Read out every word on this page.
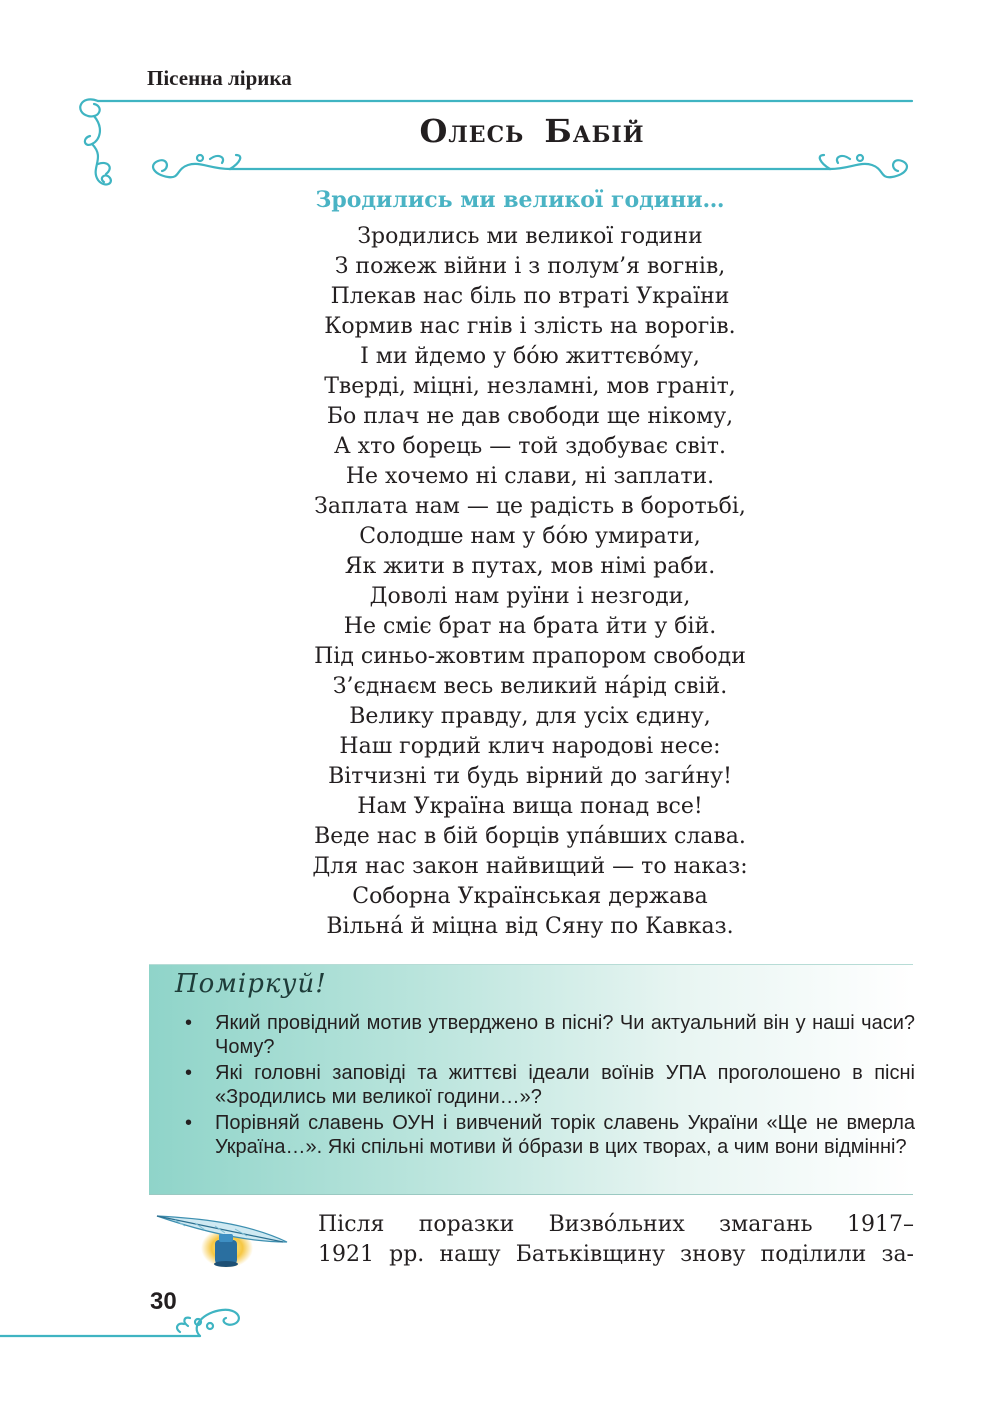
Пісенна лірика
Олесь Бабій
Зродились ми великої години…
Зродились ми великої години
З пожеж війни і з полум’я вогнів,
Плекав нас біль по втраті України
Кормив нас гнів і злість на ворогів.
І ми йдемо у бо́ю життєво́му,
Тверді, міцні, незламні, мов граніт,
Бо плач не дав свободи ще нікому,
А хто борець — той здобуває світ.
Не хочемо ні слави, ні заплати.
Заплата нам — це радість в боротьбі,
Солодше нам у бо́ю умирати,
Як жити в путах, мов німі раби.
Доволі нам руїни і незгоди,
Не сміє брат на брата йти у бій.
Під синьо-жовтим прапором свободи
З’єднаєм весь великий на́рід свій.
Велику правду, для усіх єдину,
Наш гордий клич народові несе:
Вітчизні ти будь вірний до заги́ну!
Нам Україна вища понад все!
Веде нас в бій борців упа́вших слава.
Для нас закон найвищий — то наказ:
Соборна Українськая держава
Вільна́ й міцна від Сяну по Кавказ.
Поміркуй!
• Який провідний мотив утверджено в пісні? Чи актуальний він у наші часи? Чому?
• Які головні заповіді та життєві ідеали воїнів УПА проголошено в пісні «Зродились ми великої години…»?
• Порівняй славень ОУН і вивчений торік славень України «Ще не вмерла Україна…». Які спільні мотиви й о́брази в цих творах, а чим вони відмінні?
Після поразки Визво́льних змагань 1917–
1921 рр. нашу Батьківщину знову поділили за-
30
